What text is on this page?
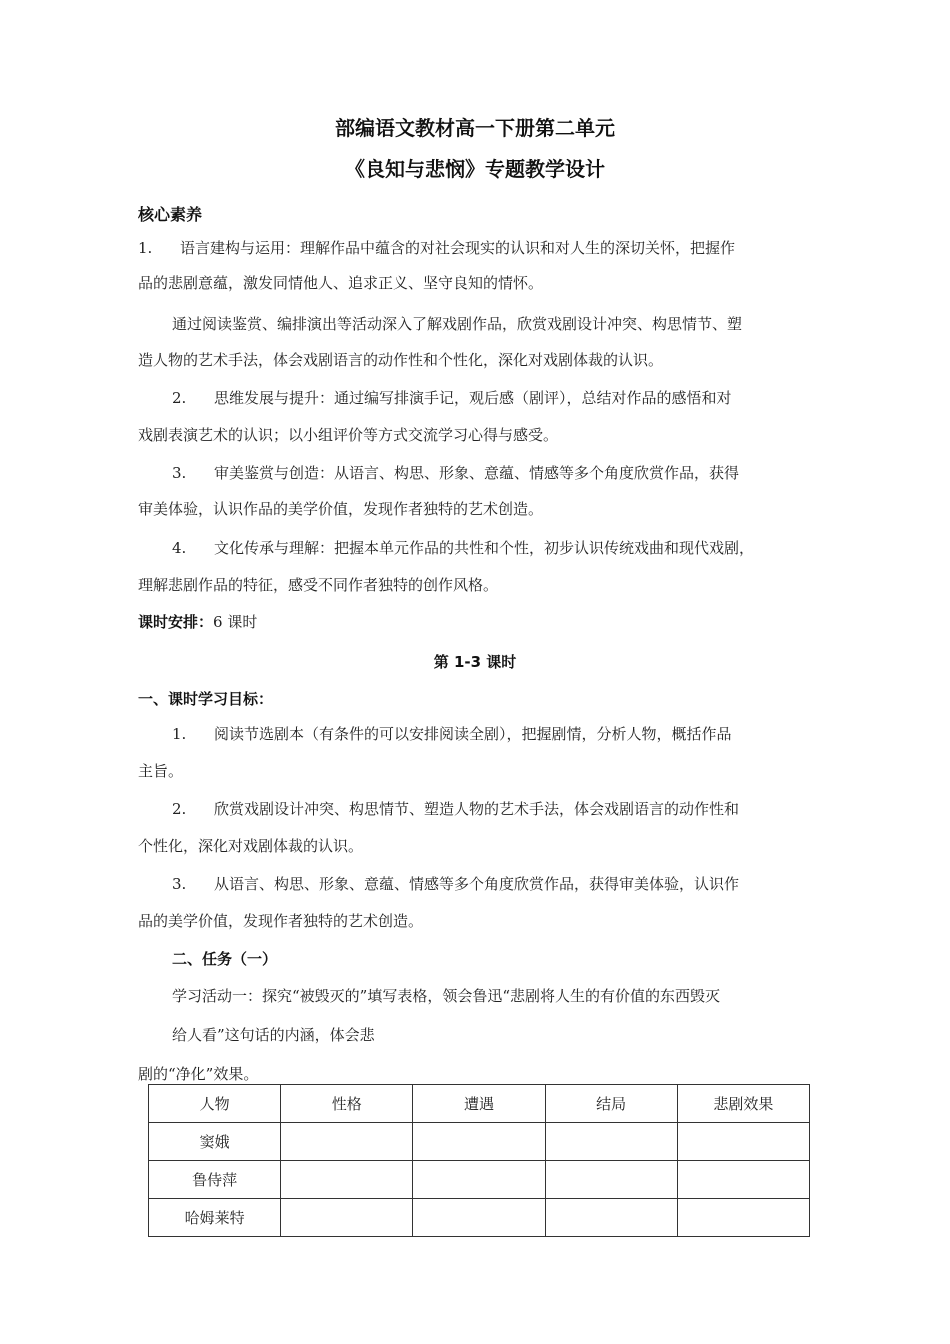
部编语文教材高一下册第二单元
《良知与悲悯》专题教学设计
核心素养
1. 语言建构与运用：理解作品中蕴含的对社会现实的认识和对人生的深切关怀，把握作
品的悲剧意蕴，激发同情他人、追求正义、坚守良知的情怀。
通过阅读鉴赏、编排演出等活动深入了解戏剧作品，欣赏戏剧设计冲突、构思情节、塑
造人物的艺术手法，体会戏剧语言的动作性和个性化，深化对戏剧体裁的认识。
2. 思维发展与提升：通过编写排演手记，观后感（剧评），总结对作品的感悟和对
戏剧表演艺术的认识；以小组评价等方式交流学习心得与感受。
3. 审美鉴赏与创造：从语言、构思、形象、意蕴、情感等多个角度欣赏作品，获得
审美体验，认识作品的美学价值，发现作者独特的艺术创造。
4. 文化传承与理解：把握本单元作品的共性和个性，初步认识传统戏曲和现代戏剧，
理解悲剧作品的特征，感受不同作者独特的创作风格。
课时安排：6 课时
第 1-3 课时
一、课时学习目标：
1. 阅读节选剧本（有条件的可以安排阅读全剧），把握剧情，分析人物，概括作品
主旨。
2. 欣赏戏剧设计冲突、构思情节、塑造人物的艺术手法，体会戏剧语言的动作性和
个性化，深化对戏剧体裁的认识。
3. 从语言、构思、形象、意蕴、情感等多个角度欣赏作品，获得审美体验，认识作
品的美学价值，发现作者独特的艺术创造。
二、任务（一）
学习活动一：探究“被毁灭的”填写表格，领会鲁迅“悲剧将人生的有价值的东西毁灭
给人看”这句话的内涵，体会悲
剧的“净化”效果。
人物	性格	遭遇	结局	悲剧效果
窦娥				
鲁侍萍				
哈姆莱特				
